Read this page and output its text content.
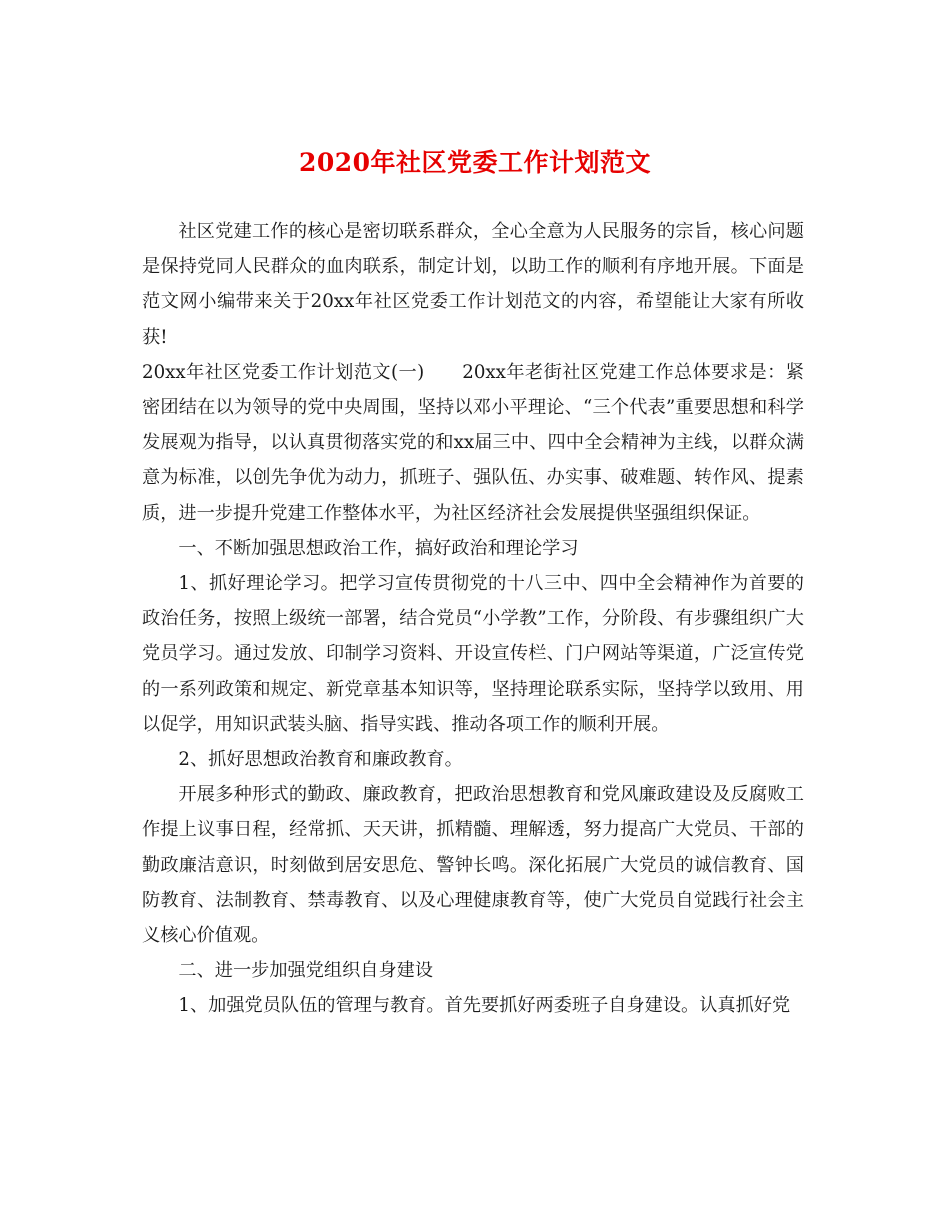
2020年社区党委工作计划范文

社区党建工作的核心是密切联系群众，全心全意为人民服务的宗旨，核心问题是保持党同人民群众的血肉联系，制定计划，以助工作的顺利有序地开展。下面是范文网小编带来关于20xx年社区党委工作计划范文的内容，希望能让大家有所收获!

20xx年社区党委工作计划范文(一) 20xx年老街社区党建工作总体要求是：紧密团结在以为领导的党中央周围，坚持以邓小平理论、“三个代表”重要思想和科学发展观为指导，以认真贯彻落实党的和xx届三中、四中全会精神为主线，以群众满意为标准，以创先争优为动力，抓班子、强队伍、办实事、破难题、转作风、提素质，进一步提升党建工作整体水平，为社区经济社会发展提供坚强组织保证。

一、不断加强思想政治工作，搞好政治和理论学习

1、抓好理论学习。把学习宣传贯彻党的十八三中、四中全会精神作为首要的政治任务，按照上级统一部署，结合党员“小学教”工作，分阶段、有步骤组织广大党员学习。通过发放、印制学习资料、开设宣传栏、门户网站等渠道，广泛宣传党的一系列政策和规定、新党章基本知识等，坚持理论联系实际，坚持学以致用、用以促学，用知识武装头脑、指导实践、推动各项工作的顺利开展。

2、抓好思想政治教育和廉政教育。

开展多种形式的勤政、廉政教育，把政治思想教育和党风廉政建设及反腐败工作提上议事日程，经常抓、天天讲，抓精髓、理解透，努力提高广大党员、干部的勤政廉洁意识，时刻做到居安思危、警钟长鸣。深化拓展广大党员的诚信教育、国防教育、法制教育、禁毒教育、以及心理健康教育等，使广大党员自觉践行社会主义核心价值观。

二、进一步加强党组织自身建设

1、加强党员队伍的管理与教育。首先要抓好两委班子自身建设。认真抓好党
